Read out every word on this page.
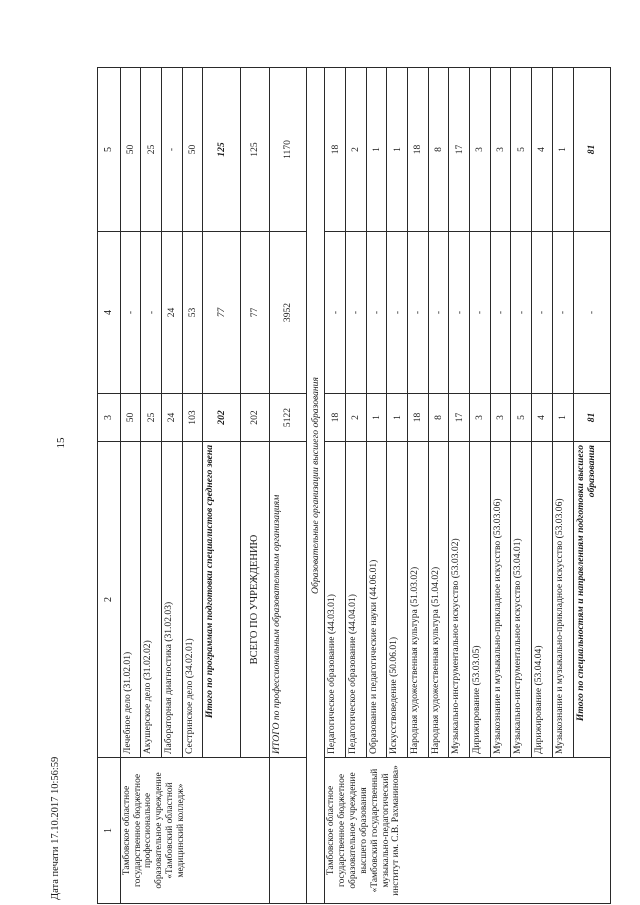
15
Дата печати 17.10.2017 10:56:59	1	2	3	4	5
Тамбовское областное государственное бюджетное профессиональное образовательное учреждение «Тамбовский областной медицинский колледж»	Лечебное дело (31.02.01)	50	-	50
	Акушерское дело (31.02.02)	25	-	25
	Лабораторная диагностика (31.02.03)	24	24	-
	Сестринское дело (34.02.01)	103	53	50
	Итого по программам подготовки специалистов среднего звена	202	77	125
	ВСЕГО ПО УЧРЕЖДЕНИЮ	202	77	125
	ИТОГО по профессиональным образовательным организациям	5122	3952	1170
Образовательные организации высшего образования				
Тамбовское областное государственное бюджетное образовательное учреждение высшего образования «Тамбовский государственный музыкально-педагогический институт им. С.В. Рахманинова»	Педагогическое образование (44.03.01)	18	-	18
	Педагогическое образование (44.04.01)	2	-	2
	Образование и педагогические науки (44.06.01)	1	-	1
	Искусствоведение (50.06.01)	1	-	1
	Народная художественная культура (51.03.02)	18	-	18
	Народная художественная культура (51.04.02)	8	-	8
	Музыкально-инструментальное искусство (53.03.02)	17	-	17
	Дирижирование (53.03.05)	3	-	3
	Музыкознание и музыкально-прикладное искусство (53.03.06)	3	-	3
	Музыкально-инструментальное искусство (53.04.01)	5	-	5
	Дирижирование (53.04.04)	4	-	4
	Музыкознание и музыкально-прикладное искусство (53.03.06)	1	-	1
	Итого по специальностям и направлениям подготовки высшего образования	81	-	81
